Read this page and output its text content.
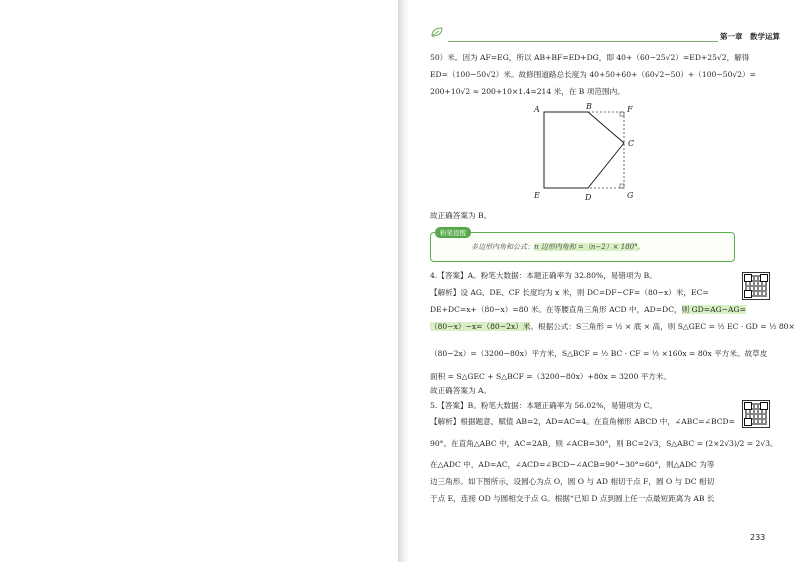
第一章　数学运算
50）米。因为 AF=EG，所以 AB+BF=ED+DG，即 40+（60−25√2）=ED+25√2，解得
ED=（100−50√2）米。故修围道路总长度为 40+50+60+（60√2−50）+（100−50√2）=
200+10√2 ≈ 200+10×1.4=214 米，在 B 项范围内。
A	B	F
C
E	D	G
故正确答案为 B。
粉笔提醒
多边形内角和公式：n 边形内角和 =（n−2）× 180°。
4.【答案】A。粉笔大数据：本题正确率为 32.80%，易错项为 B。
【解析】设 AG、DE、CF 长度均为 x 米，则 DC=DF−CF=（80−x）米，EC=
DE+DC=x+（80−x）=80 米。在等腰直角三角形 ACD 中，AD=DC，则 GD=AG−AG=
（80−x）−x=（80−2x）米。根据公式：S三角形 = ½ × 底 × 高，则 S△GEC = ½ EC · GD = ½ 80×
（80−2x）=（3200−80x）平方米，S△BCF = ½ BC · CF = ½ ×160x = 80x 平方米。故草皮
面积 = S△GEC + S△BCF =（3200−80x）+80x = 3200 平方米。
故正确答案为 A。
5.【答案】B。粉笔大数据：本题正确率为 56.02%，易错项为 C。
【解析】根据题意，赋值 AB=2，AD=AC=4。在直角梯形 ABCD 中，∠ABC=∠BCD=
90°。在直角△ABC 中，AC=2AB，则 ∠ACB=30°，则 BC=2√3，S△ABC = (2×2√3)/2 = 2√3。
在△ADC 中，AD=AC，∠ACD=∠BCD−∠ACB=90°−30°=60°，则△ADC 为等
边三角形。如下图所示，设圆心为点 O，圆 O 与 AD 相切于点 F，圆 O 与 DC 相切
于点 E，连接 OD 与圆相交于点 G。根据“已知 D 点到圆上任一点最短距离为 AB 长
233
